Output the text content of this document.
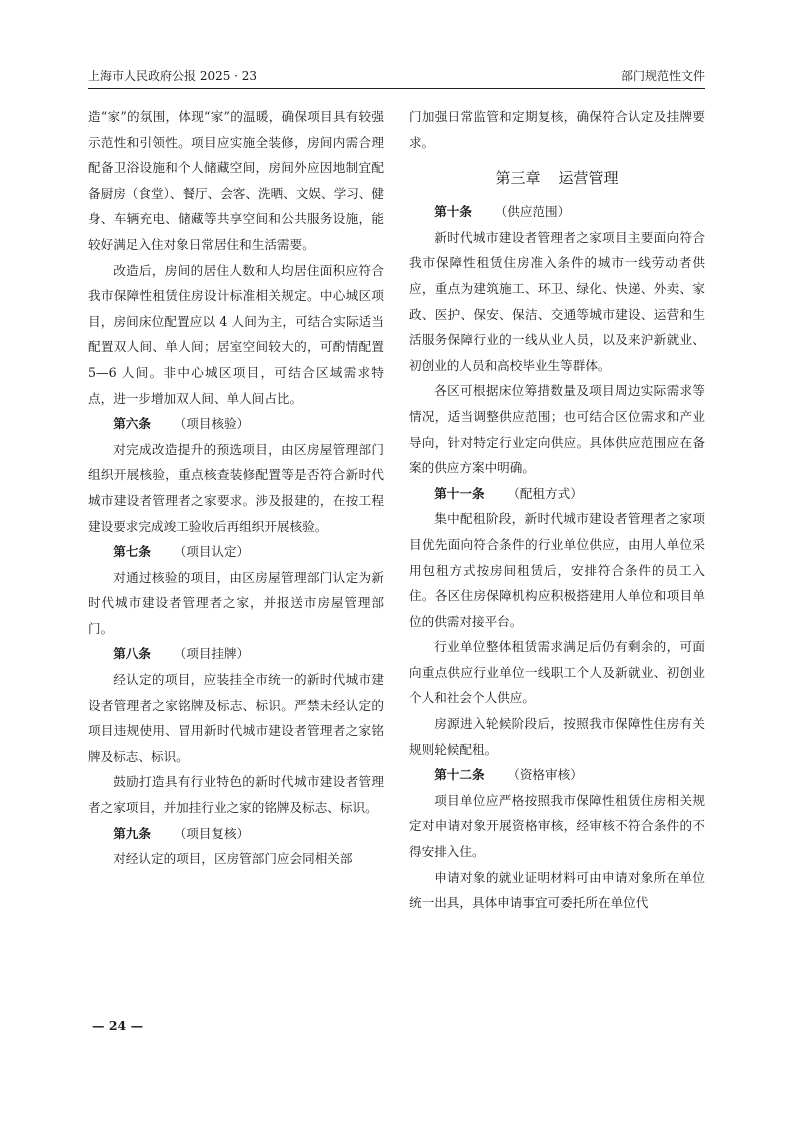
上海市人民政府公报 2025 · 23	部门规范性文件

造“家”的氛围，体现“家”的温暖，确保项目具有较强示范性和引领性。项目应实施全装修，房间内需合理配备卫浴设施和个人储藏空间，房间外应因地制宜配备厨房（食堂）、餐厅、会客、洗晒、文娱、学习、健身、车辆充电、储藏等共享空间和公共服务设施，能较好满足入住对象日常居住和生活需要。

改造后，房间的居住人数和人均居住面积应符合我市保障性租赁住房设计标准相关规定。中心城区项目，房间床位配置应以 4 人间为主，可结合实际适当配置双人间、单人间；居室空间较大的，可酌情配置 5—6 人间。非中心城区项目，可结合区域需求特点，进一步增加双人间、单人间占比。

第六条 （项目核验）

对完成改造提升的预选项目，由区房屋管理部门组织开展核验，重点核查装修配置等是否符合新时代城市建设者管理者之家要求。涉及报建的，在按工程建设要求完成竣工验收后再组织开展核验。

第七条 （项目认定）

对通过核验的项目，由区房屋管理部门认定为新时代城市建设者管理者之家，并报送市房屋管理部门。

第八条 （项目挂牌）

经认定的项目，应装挂全市统一的新时代城市建设者管理者之家铭牌及标志、标识。严禁未经认定的项目违规使用、冒用新时代城市建设者管理者之家铭牌及标志、标识。

鼓励打造具有行业特色的新时代城市建设者管理者之家项目，并加挂行业之家的铭牌及标志、标识。

第九条 （项目复核）

对经认定的项目，区房管部门应会同相关部

门加强日常监管和定期复核，确保符合认定及挂牌要求。

第三章 运营管理
第十条 （供应范围）

新时代城市建设者管理者之家项目主要面向符合我市保障性租赁住房准入条件的城市一线劳动者供应，重点为建筑施工、环卫、绿化、快递、外卖、家政、医护、保安、保洁、交通等城市建设、运营和生活服务保障行业的一线从业人员，以及来沪新就业、初创业的人员和高校毕业生等群体。

各区可根据床位筹措数量及项目周边实际需求等情况，适当调整供应范围；也可结合区位需求和产业导向，针对特定行业定向供应。具体供应范围应在备案的供应方案中明确。

第十一条 （配租方式）

集中配租阶段，新时代城市建设者管理者之家项目优先面向符合条件的行业单位供应，由用人单位采用包租方式按房间租赁后，安排符合条件的员工入住。各区住房保障机构应积极搭建用人单位和项目单位的供需对接平台。

行业单位整体租赁需求满足后仍有剩余的，可面向重点供应行业单位一线职工个人及新就业、初创业个人和社会个人供应。

房源进入轮候阶段后，按照我市保障性住房有关规则轮候配租。

第十二条 （资格审核）

项目单位应严格按照我市保障性租赁住房相关规定对申请对象开展资格审核，经审核不符合条件的不得安排入住。

申请对象的就业证明材料可由申请对象所在单位统一出具，具体申请事宜可委托所在单位代

— 24 —
